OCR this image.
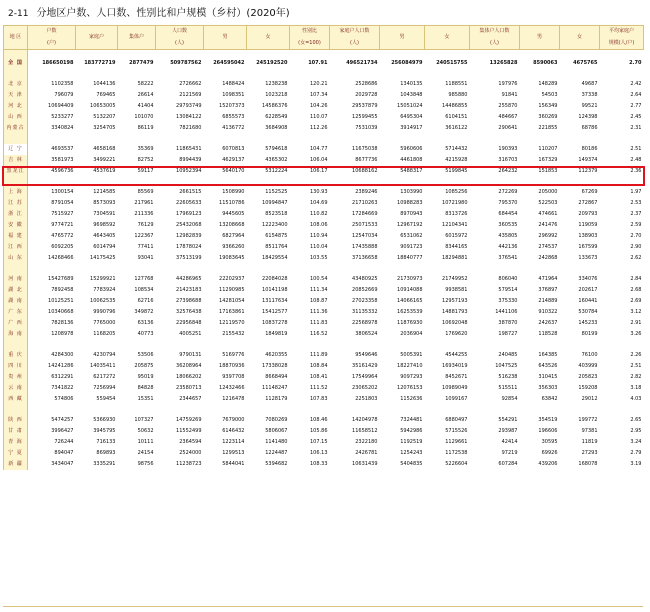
2-11 分地区户数、人口数、性别比和户规模（乡村）(2020年)
地 区	户数	家庭户	集体户	人口数	男	女	性别比	家庭户人口数	男	女	集体户人口数	男	女	平均家庭户
	(户)			(人)			(女=100)	(人)			(人)			规模(人/户)

全 国	186650198	183772719	2877479	509787562	264595042	245192520	107.91	496521734	256084979	240515755	13265828	8590063	4675765	2.70

北 京	1102358	1044136	58222	2726662	1488424	1238238	120.21	2528686	1340135	1188551	197976	148289	49687	2.42
天 津	796079	769465	26614	2121569	1098351	1023218	107.34	2029728	1043848	985880	91841	54503	37338	2.64
河 北	10694409	10653005	41404	29793749	15207373	14586376	104.26	29537879	15051024	14486855	255870	156349	99521	2.77
山 西	5233277	5132207	101070	13084122	6855573	6228549	110.07	12599455	6495304	6104151	484667	360269	124398	2.45
内蒙古	3340824	3254705	86119	7821680	4136772	3684908	112.26	7531039	3914917	3616122	290641	221855	68786	2.31

辽 宁	4693537	4658168	35369	11865431	6070813	5794618	104.77	11675038	5960606	5714432	190393	110207	80186	2.51
吉 林	3581973	3499221	82752	8994439	4629137	4365302	106.04	8677736	4461808	4215928	316703	167329	149374	2.48
黑龙江	4596736	4537619	59117	10952394	5640170	5312224	106.17	10688162	5488317	5199845	264232	151853	112379	2.36

上 海	1300154	1214585	85569	2661515	1508990	1152525	130.93	2389246	1303990	1085256	272269	205000	67269	1.97
江 苏	8791054	8573093	217961	22605633	11510786	10994847	104.69	21710263	10988283	10721980	795370	522503	272867	2.53
浙 江	7515927	7304591	211336	17969123	9445605	8523518	110.82	17284669	8970943	8313726	684454	474661	209793	2.37
安 徽	9774721	9698592	76129	25432068	13208668	12223400	108.06	25071533	12967192	12104341	360535	241476	119059	2.59
福 建	4765772	4643405	122367	12982839	6827964	6154875	110.94	12547034	6531062	6015972	435805	296992	138903	2.70
江 西	6092205	6014794	77411	17878024	9366260	8511764	110.04	17435888	9091723	8344165	442136	274537	167599	2.90
山 东	14268466	14175425	93041	37513199	19083645	18429554	103.55	37136658	18840777	18294881	376541	242868	133673	2.62

河 南	15427689	15299921	127768	44286965	22202937	22084028	100.54	43480925	21730973	21749952	806040	471964	334076	2.84
湖 北	7892458	7783924	108534	21423183	11290985	10141198	111.34	20852669	10914088	9938581	579514	376897	202617	2.68
湖 南	10125251	10062535	62716	27398688	14281054	13117634	108.87	27023358	14066165	12957193	375330	214889	160441	2.69
广 东	10340668	9990796	349872	32576438	17163861	15412577	111.36	31135332	16253539	14881793	1441106	910322	530784	3.12
广 西	7828136	7765000	63136	22956848	12119570	10837278	111.83	22568978	11876930	10692048	387870	242637	145233	2.91
海 南	1208978	1168205	40773	4005251	2155432	1849819	116.52	3806524	2036904	1769620	198727	118528	80199	3.26

重 庆	4284300	4230794	53506	9790131	5169776	4620355	111.89	9549646	5005391	4544255	240485	164385	76100	2.26
四 川	14241286	14035411	205875	36208964	18870936	17338028	108.84	35161429	18227410	16934019	1047525	643526	403999	2.51
贵 州	6312291	6217272	95019	18066202	9397708	8668494	108.41	17549964	9097293	8452671	516238	310415	205823	2.82
云 南	7341822	7256994	84828	23580713	12432466	11148247	111.52	23065202	12076153	10989049	515511	356303	159208	3.18
西 藏	574806	559454	15351	2344657	1216478	1128179	107.83	2251803	1152636	1099167	92854	63842	29012	4.03

陕 西	5474257	5366930	107327	14759269	7679000	7080269	108.46	14204978	7324481	6880497	554291	354519	199772	2.65
甘 肃	3996427	3945795	50632	11552499	6146432	5806067	105.86	11658512	5942986	5715526	293987	196606	97381	2.95
青 海	726244	716133	10111	2364594	1223114	1141480	107.15	2322180	1192519	1129661	42414	30595	11819	3.24
宁 夏	894047	869893	24154	2524000	1299513	1224487	106.13	2426781	1254243	1172538	97219	69926	27293	2.79
新 疆	3434047	3335291	98756	11238723	5844041	5394682	108.33	10631439	5404835	5226604	607284	439206	168078	3.19
